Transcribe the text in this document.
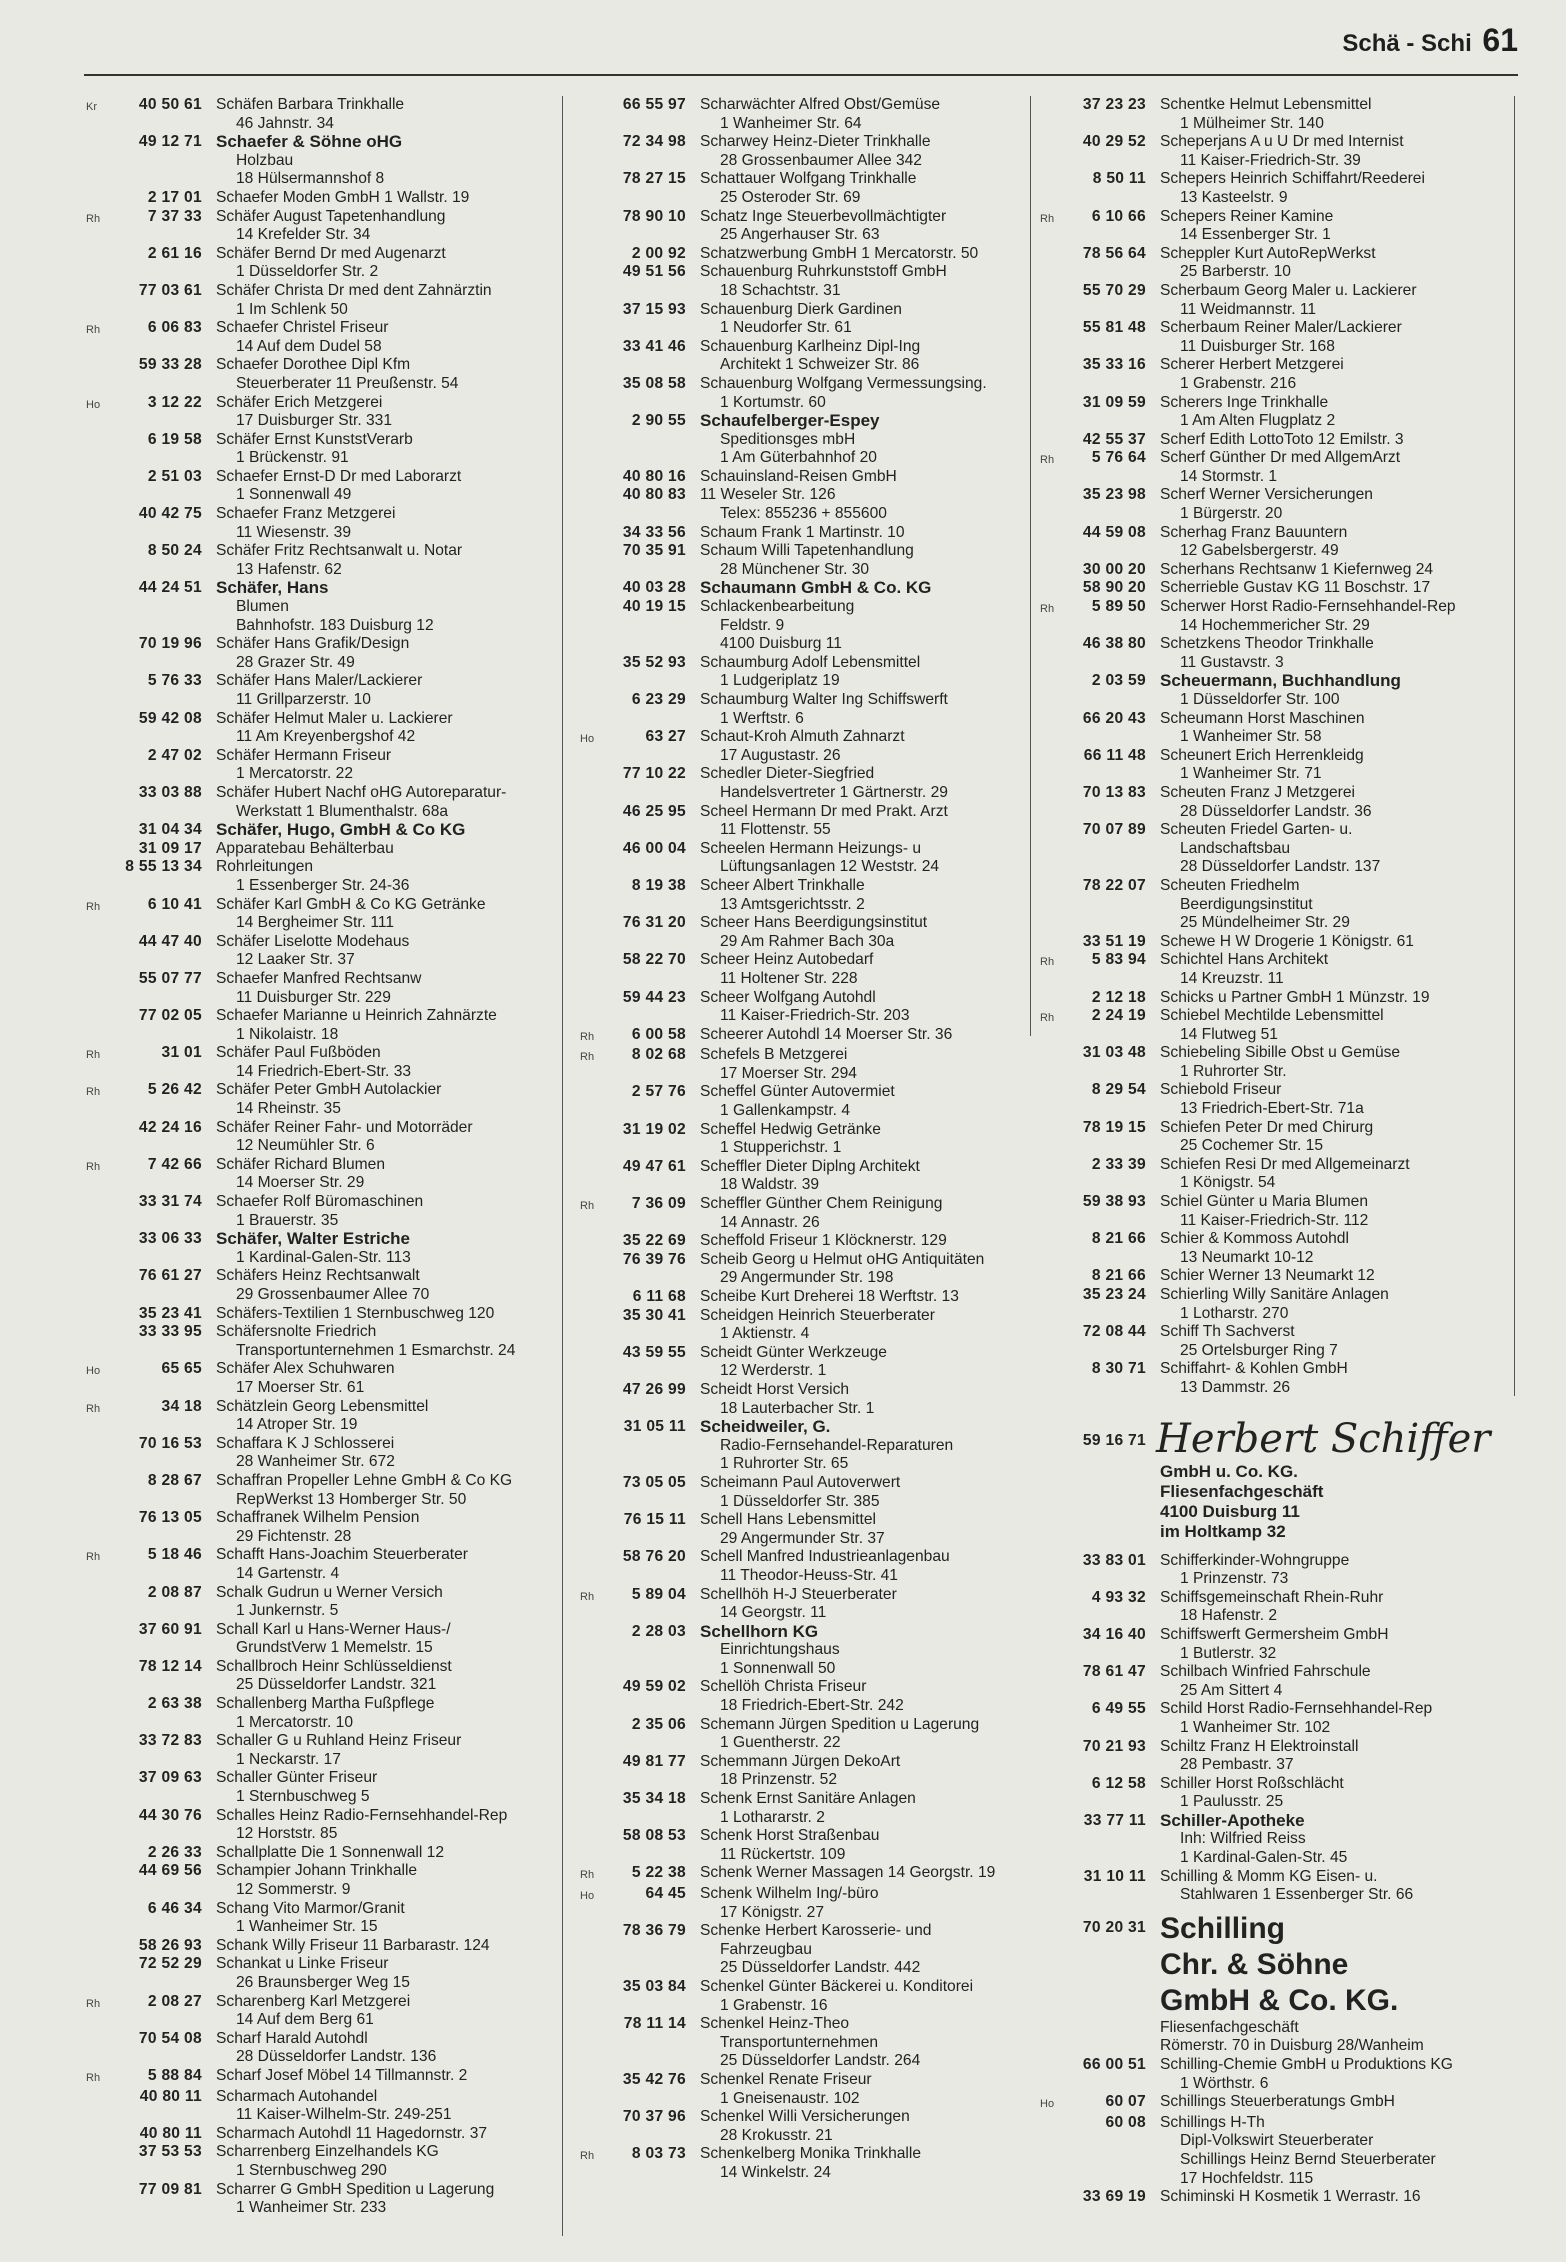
Schä - Schi 61
Kr	40 50 61 Schäfen Barbara Trinkhalle
46 Jahnstr. 34
49 12 71 Schaefer & Söhne oHG
Holzbau
18 Hülsermannshof 8
2 17 01 Schaefer Moden GmbH 1 Wallstr. 19
Rh	7 37 33 Schäfer August Tapetenhandlung
14 Krefelder Str. 34
2 61 16 Schäfer Bernd Dr med Augenarzt
1 Düsseldorfer Str. 2
77 03 61 Schäfer Christa Dr med dent Zahnärztin
1 Im Schlenk 50
Rh	6 06 83 Schaefer Christel Friseur
14 Auf dem Dudel 58
59 33 28 Schaefer Dorothee Dipl Kfm
Steuerberater 11 Preußenstr. 54
Ho	3 12 22 Schäfer Erich Metzgerei
17 Duisburger Str. 331
6 19 58 Schäfer Ernst KunststVerarb
1 Brückenstr. 91
2 51 03 Schaefer Ernst-D Dr med Laborarzt
1 Sonnenwall 49
40 42 75 Schaefer Franz Metzgerei
11 Wiesenstr. 39
8 50 24 Schäfer Fritz Rechtsanwalt u. Notar
13 Hafenstr. 62
44 24 51 Schäfer, Hans
Blumen
Bahnhofstr. 183 Duisburg 12
70 19 96 Schäfer Hans Grafik/Design
28 Grazer Str. 49
5 76 33 Schäfer Hans Maler/Lackierer
11 Grillparzerstr. 10
59 42 08 Schäfer Helmut Maler u. Lackierer
11 Am Kreyenbergshof 42
2 47 02 Schäfer Hermann Friseur
1 Mercatorstr. 22
33 03 88 Schäfer Hubert Nachf oHG Autoreparatur-
Werkstatt 1 Blumenthalstr. 68a
31 04 34 Schäfer, Hugo, GmbH & Co KG
31 09 17 Apparatebau Behälterbau
8 55 13 34 Rohrleitungen
1 Essenberger Str. 24-36
Rh	6 10 41 Schäfer Karl GmbH & Co KG Getränke
14 Bergheimer Str. 111
44 47 40 Schäfer Liselotte Modehaus
12 Laaker Str. 37
55 07 77 Schaefer Manfred Rechtsanw
11 Duisburger Str. 229
77 02 05 Schaefer Marianne u Heinrich Zahnärzte
1 Nikolaistr. 18
Rh	31 01 Schäfer Paul Fußböden
14 Friedrich-Ebert-Str. 33
Rh	5 26 42 Schäfer Peter GmbH Autolackier
14 Rheinstr. 35
42 24 16 Schäfer Reiner Fahr- und Motorräder
12 Neumühler Str. 6
Rh	7 42 66 Schäfer Richard Blumen
14 Moerser Str. 29
33 31 74 Schaefer Rolf Büromaschinen
1 Brauerstr. 35
33 06 33 Schäfer, Walter Estriche
1 Kardinal-Galen-Str. 113
76 61 27 Schäfers Heinz Rechtsanwalt
29 Grossenbaumer Allee 70
35 23 41 Schäfers-Textilien 1 Sternbuschweg 120
33 33 95 Schäfersnolte Friedrich
Transportunternehmen 1 Esmarchstr. 24
Ho	65 65 Schäfer Alex Schuhwaren
17 Moerser Str. 61
Rh	34 18 Schätzlein Georg Lebensmittel
14 Atroper Str. 19
70 16 53 Schaffara K J Schlosserei
28 Wanheimer Str. 672
8 28 67 Schaffran Propeller Lehne GmbH & Co KG
RepWerkst 13 Homberger Str. 50
76 13 05 Schaffranek Wilhelm Pension
29 Fichtenstr. 28
Rh	5 18 46 Schafft Hans-Joachim Steuerberater
14 Gartenstr. 4
2 08 87 Schalk Gudrun u Werner Versich
1 Junkernstr. 5
37 60 91 Schall Karl u Hans-Werner Haus-/
GrundstVerw 1 Memelstr. 15
78 12 14 Schallbroch Heinr Schlüsseldienst
25 Düsseldorfer Landstr. 321
2 63 38 Schallenberg Martha Fußpflege
1 Mercatorstr. 10
33 72 83 Schaller G u Ruhland Heinz Friseur
1 Neckarstr. 17
37 09 63 Schaller Günter Friseur
1 Sternbuschweg 5
44 30 76 Schalles Heinz Radio-Fernsehhandel-Rep
12 Horststr. 85
2 26 33 Schallplatte Die 1 Sonnenwall 12
44 69 56 Schampier Johann Trinkhalle
12 Sommerstr. 9
6 46 34 Schang Vito Marmor/Granit
1 Wanheimer Str. 15
58 26 93 Schank Willy Friseur 11 Barbarastr. 124
72 52 29 Schankat u Linke Friseur
26 Braunsberger Weg 15
Rh	2 08 27 Scharenberg Karl Metzgerei
14 Auf dem Berg 61
70 54 08 Scharf Harald Autohdl
28 Düsseldorfer Landstr. 136
Rh	5 88 84 Scharf Josef Möbel 14 Tillmannstr. 2
40 80 11 Scharmach Autohandel
11 Kaiser-Wilhelm-Str. 249-251
40 80 11 Scharmach Autohdl 11 Hagedornstr. 37
37 53 53 Scharrenberg Einzelhandels KG
1 Sternbuschweg 290
77 09 81 Scharrer G GmbH Spedition u Lagerung
1 Wanheimer Str. 233
66 55 97 Scharwächter Alfred Obst/Gemüse
1 Wanheimer Str. 64
72 34 98 Scharwey Heinz-Dieter Trinkhalle
28 Grossenbaumer Allee 342
78 27 15 Schattauer Wolfgang Trinkhalle
25 Osteroder Str. 69
78 90 10 Schatz Inge Steuerbevollmächtigter
25 Angerhauser Str. 63
2 00 92 Schatzwerbung GmbH 1 Mercatorstr. 50
49 51 56 Schauenburg Ruhrkunststoff GmbH
18 Schachtstr. 31
37 15 93 Schauenburg Dierk Gardinen
1 Neudorfer Str. 61
33 41 46 Schauenburg Karlheinz Dipl-Ing
Architekt 1 Schweizer Str. 86
35 08 58 Schauenburg Wolfgang Vermessungsing.
1 Kortumstr. 60
2 90 55 Schaufelberger-Espey
Speditionsges mbH
1 Am Güterbahnhof 20
40 80 16 Schauinsland-Reisen GmbH
40 80 83 11 Weseler Str. 126
Telex: 855236 + 855600
34 33 56 Schaum Frank 1 Martinstr. 10
70 35 91 Schaum Willi Tapetenhandlung
28 Münchener Str. 30
40 03 28 Schaumann GmbH & Co. KG
40 19 15 Schlackenbearbeitung
Feldstr. 9
4100 Duisburg 11
35 52 93 Schaumburg Adolf Lebensmittel
1 Ludgeriplatz 19
6 23 29 Schaumburg Walter Ing Schiffswerft
1 Werftstr. 6
Ho	63 27 Schaut-Kroh Almuth Zahnarzt
17 Augustastr. 26
77 10 22 Schedler Dieter-Siegfried
Handelsvertreter 1 Gärtnerstr. 29
46 25 95 Scheel Hermann Dr med Prakt. Arzt
11 Flottenstr. 55
46 00 04 Scheelen Hermann Heizungs- u
Lüftungsanlagen 12 Weststr. 24
8 19 38 Scheer Albert Trinkhalle
13 Amtsgerichtsstr. 2
76 31 20 Scheer Hans Beerdigungsinstitut
29 Am Rahmer Bach 30a
58 22 70 Scheer Heinz Autobedarf
11 Holtener Str. 228
59 44 23 Scheer Wolfgang Autohdl
11 Kaiser-Friedrich-Str. 203
Rh	6 00 58 Scheerer Autohdl 14 Moerser Str. 36
Rh	8 02 68 Schefels B Metzgerei
17 Moerser Str. 294
2 57 76 Scheffel Günter Autovermiet
1 Gallenkampstr. 4
31 19 02 Scheffel Hedwig Getränke
1 Stupperichstr. 1
49 47 61 Scheffler Dieter Diplng Architekt
18 Waldstr. 39
Rh	7 36 09 Scheffler Günther Chem Reinigung
14 Annastr. 26
35 22 69 Scheffold Friseur 1 Klöcknerstr. 129
76 39 76 Scheib Georg u Helmut oHG Antiquitäten
29 Angermunder Str. 198
6 11 68 Scheibe Kurt Dreherei 18 Werftstr. 13
35 30 41 Scheidgen Heinrich Steuerberater
1 Aktienstr. 4
43 59 55 Scheidt Günter Werkzeuge
12 Werderstr. 1
47 26 99 Scheidt Horst Versich
18 Lauterbacher Str. 1
31 05 11 Scheidweiler, G.
Radio-Fernsehandel-Reparaturen
1 Ruhrorter Str. 65
73 05 05 Scheimann Paul Autoverwert
1 Düsseldorfer Str. 385
76 15 11 Schell Hans Lebensmittel
29 Angermunder Str. 37
58 76 20 Schell Manfred Industrieanlagenbau
11 Theodor-Heuss-Str. 41
Rh	5 89 04 Schellhöh H-J Steuerberater
14 Georgstr. 11
2 28 03 Schellhorn KG
Einrichtungshaus
1 Sonnenwall 50
49 59 02 Schellöh Christa Friseur
18 Friedrich-Ebert-Str. 242
2 35 06 Schemann Jürgen Spedition u Lagerung
1 Guentherstr. 22
49 81 77 Schemmann Jürgen DekoArt
18 Prinzenstr. 52
35 34 18 Schenk Ernst Sanitäre Anlagen
1 Lothararstr. 2
58 08 53 Schenk Horst Straßenbau
11 Rückertstr. 109
Rh	5 22 38 Schenk Werner Massagen 14 Georgstr. 19
Ho	64 45 Schenk Wilhelm Ing/-büro
17 Königstr. 27
78 36 79 Schenke Herbert Karosserie- und
Fahrzeugbau
25 Düsseldorfer Landstr. 442
35 03 84 Schenkel Günter Bäckerei u. Konditorei
1 Grabenstr. 16
78 11 14 Schenkel Heinz-Theo
Transportunternehmen
25 Düsseldorfer Landstr. 264
35 42 76 Schenkel Renate Friseur
1 Gneisenaustr. 102
70 37 96 Schenkel Willi Versicherungen
28 Krokusstr. 21
Rh	8 03 73 Schenkelberg Monika Trinkhalle
14 Winkelstr. 24
37 23 23 Schentke Helmut Lebensmittel
1 Mülheimer Str. 140
40 29 52 Scheperjans A u U Dr med Internist
11 Kaiser-Friedrich-Str. 39
8 50 11 Schepers Heinrich Schiffahrt/Reederei
13 Kasteelstr. 9
Rh	6 10 66 Schepers Reiner Kamine
14 Essenberger Str. 1
78 56 64 Scheppler Kurt AutoRepWerkst
25 Barberstr. 10
55 70 29 Scherbaum Georg Maler u. Lackierer
11 Weidmannstr. 11
55 81 48 Scherbaum Reiner Maler/Lackierer
11 Duisburger Str. 168
35 33 16 Scherer Herbert Metzgerei
1 Grabenstr. 216
31 09 59 Scherers Inge Trinkhalle
1 Am Alten Flugplatz 2
42 55 37 Scherf Edith LottoToto 12 Emilstr. 3
Rh	5 76 64 Scherf Günther Dr med AllgemArzt
14 Stormstr. 1
35 23 98 Scherf Werner Versicherungen
1 Bürgerstr. 20
44 59 08 Scherhag Franz Bauuntern
12 Gabelsbergerstr. 49
30 00 20 Scherhans Rechtsanw 1 Kiefernweg 24
58 90 20 Scherrieble Gustav KG 11 Boschstr. 17
Rh	5 89 50 Scherwer Horst Radio-Fernsehhandel-Rep
14 Hochemmericher Str. 29
46 38 80 Schetzkens Theodor Trinkhalle
11 Gustavstr. 3
2 03 59 Scheuermann, Buchhandlung
1 Düsseldorfer Str. 100
66 20 43 Scheumann Horst Maschinen
1 Wanheimer Str. 58
66 11 48 Scheunert Erich Herrenkleidg
1 Wanheimer Str. 71
70 13 83 Scheuten Franz J Metzgerei
28 Düsseldorfer Landstr. 36
70 07 89 Scheuten Friedel Garten- u.
Landschaftsbau
28 Düsseldorfer Landstr. 137
78 22 07 Scheuten Friedhelm
Beerdigungsinstitut
25 Mündelheimer Str. 29
33 51 19 Schewe H W Drogerie 1 Königstr. 61
Rh	5 83 94 Schichtel Hans Architekt
14 Kreuzstr. 11
2 12 18 Schicks u Partner GmbH 1 Münzstr. 19
Rh	2 24 19 Schiebel Mechtilde Lebensmittel
14 Flutweg 51
31 03 48 Schiebeling Sibille Obst u Gemüse
1 Ruhrorter Str.
8 29 54 Schiebold Friseur
13 Friedrich-Ebert-Str. 71a
78 19 15 Schiefen Peter Dr med Chirurg
25 Cochemer Str. 15
2 33 39 Schiefen Resi Dr med Allgemeinarzt
1 Königstr. 54
59 38 93 Schiel Günter u Maria Blumen
11 Kaiser-Friedrich-Str. 112
8 21 66 Schier & Kommoss Autohdl
13 Neumarkt 10-12
8 21 66 Schier Werner 13 Neumarkt 12
35 23 24 Schierling Willy Sanitäre Anlagen
1 Lotharstr. 270
72 08 44 Schiff Th Sachverst
25 Ortelsburger Ring 7
8 30 71 Schiffahrt- & Kohlen GmbH
13 Dammstr. 26
59 16 71 Herbert Schiffer
GmbH u. Co. KG.
Fliesenfachgeschäft
4100 Duisburg 11
im Holtkamp 32
33 83 01 Schifferkinder-Wohngruppe
1 Prinzenstr. 73
4 93 32 Schiffsgemeinschaft Rhein-Ruhr
18 Hafenstr. 2
34 16 40 Schiffswerft Germersheim GmbH
1 Butlerstr. 32
78 61 47 Schilbach Winfried Fahrschule
25 Am Sittert 4
6 49 55 Schild Horst Radio-Fernsehhandel-Rep
1 Wanheimer Str. 102
70 21 93 Schiltz Franz H Elektroinstall
28 Pembastr. 37
6 12 58 Schiller Horst Roßschlächt
1 Paulusstr. 25
33 77 11 Schiller-Apotheke
Inh: Wilfried Reiss
1 Kardinal-Galen-Str. 45
31 10 11 Schilling & Momm KG Eisen- u.
Stahlwaren 1 Essenberger Str. 66
70 20 31 Schilling
Chr. & Söhne
GmbH & Co. KG.
Fliesenfachgeschäft
Römerstr. 70 in Duisburg 28/Wanheim
66 00 51 Schilling-Chemie GmbH u Produktions KG
1 Wörthstr. 6
Ho	60 07 Schillings Steuerberatungs GmbH
60 08 Schillings H-Th
Dipl-Volkswirt Steuerberater
Schillings Heinz Bernd Steuerberater
17 Hochfeldstr. 115
33 69 19 Schiminski H Kosmetik 1 Werrastr. 16
